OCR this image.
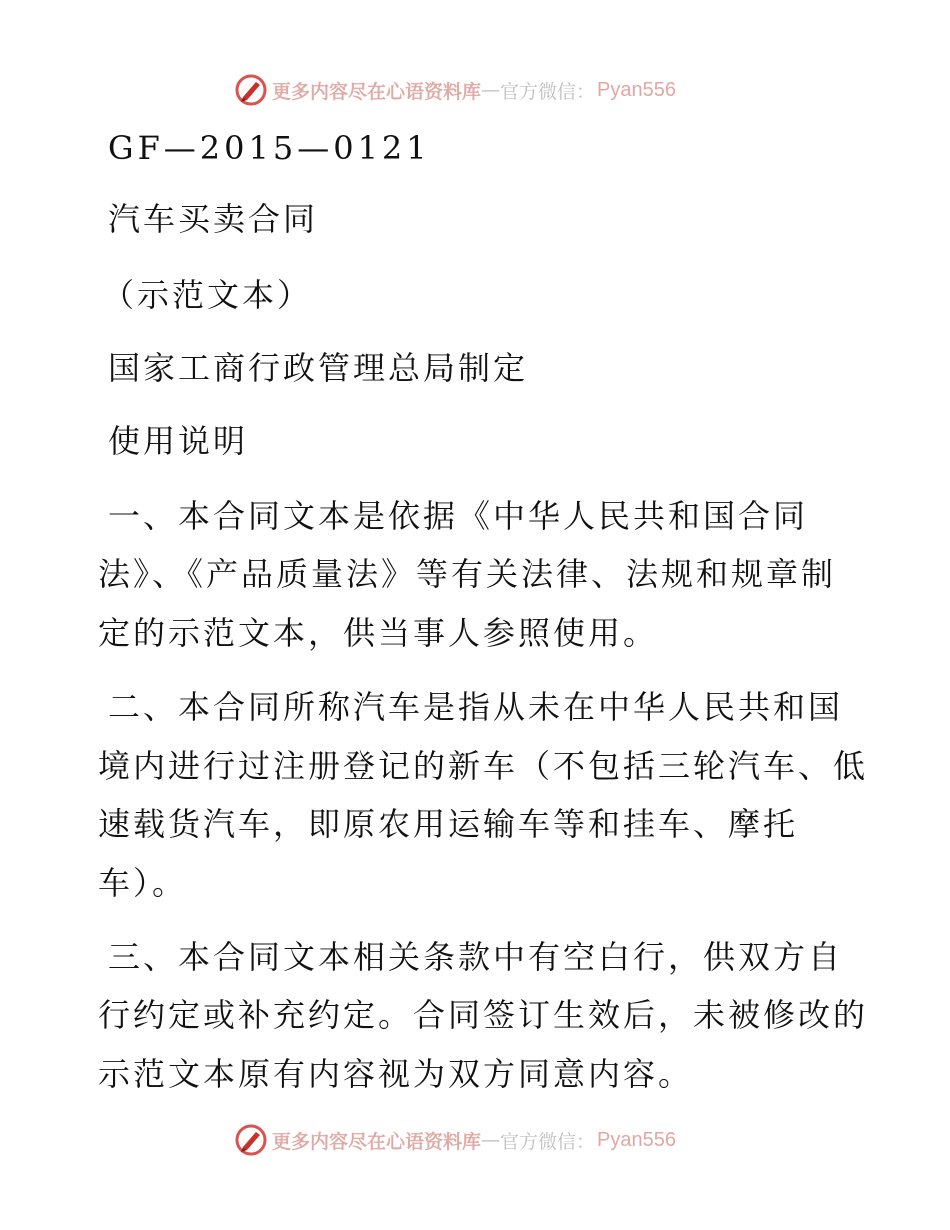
更多内容尽在心语资料库 — 官方微信： Pyan556
GF—2015—0121
汽车买卖合同
（示范文本）
国家工商行政管理总局制定
使用说明
一、本合同文本是依据《中华人民共和国合同
法》、《产品质量法》等有关法律、法规和规章制
定的示范文本，供当事人参照使用。
二、本合同所称汽车是指从未在中华人民共和国
境内进行过注册登记的新车（不包括三轮汽车、低
速载货汽车，即原农用运输车等和挂车、摩托
车）。
三、本合同文本相关条款中有空白行，供双方自
行约定或补充约定。合同签订生效后，未被修改的
示范文本原有内容视为双方同意内容。
更多内容尽在心语资料库 — 官方微信： Pyan556
